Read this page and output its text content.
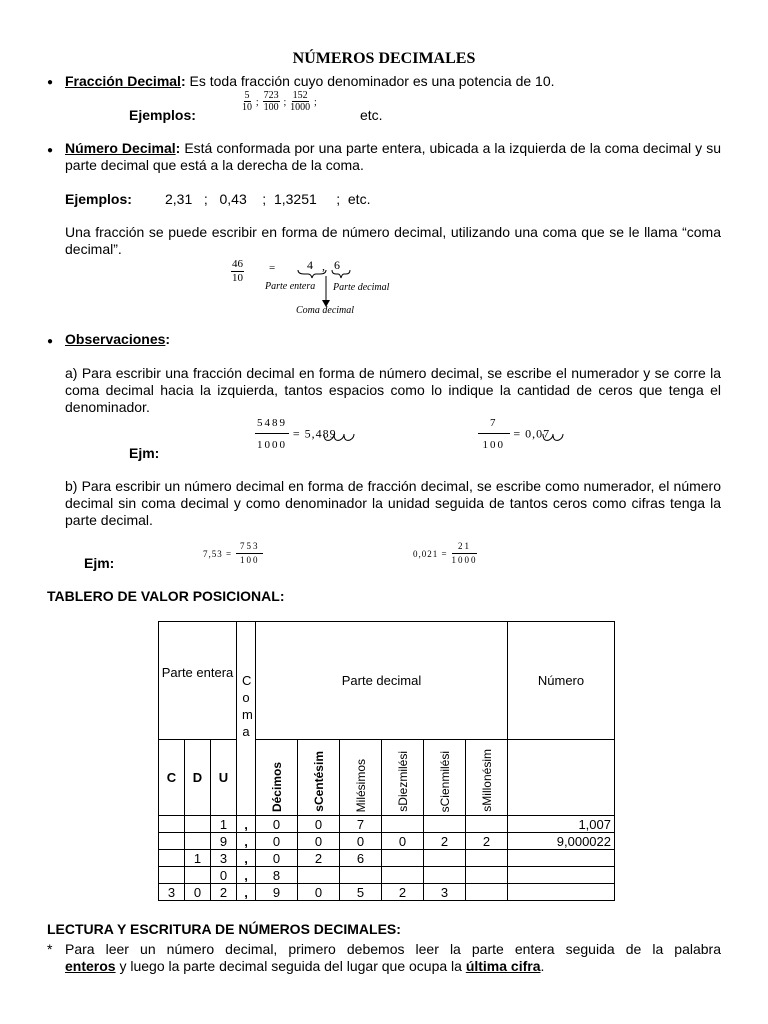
NÚMEROS DECIMALES
● Fracción Decimal: Es toda fracción cuyo denominador es una potencia de 10.
Ejemplos:
$\frac{5}{10}$ ; $\frac{723}{100}$ ; $\frac{152}{1000}$ ;
etc.
● Número Decimal: Está conformada por una parte entera, ubicada a la izquierda de la coma decimal y su parte decimal que está a la derecha de la coma.
Ejemplos: 2,31   ;   0,43    ;  1,3251     ;  etc.
Una fracción se puede escribir en forma de número decimal, utilizando una coma que se le llama “coma decimal”.
$\frac{46}{10}$ =	4 , 6
Parte entera Parte decimal
Coma decimal
● Observaciones:
a) Para escribir una fracción decimal en forma de número decimal, se escribe el numerador y se corre la coma decimal hacia la izquierda, tantos espacios como lo indique la cantidad de ceros que tenga el denominador.
Ejm:	$\frac{5489}{1000} = 5,489$	$\frac{7}{100} = 0,07$
b) Para escribir un número decimal en forma de fracción decimal, se escribe como numerador, el número decimal sin coma decimal y como denominador la unidad seguida de tantos ceros como cifras tenga la parte decimal.
Ejm:
$7,53 = \frac{753}{100}$	$0,021 = \frac{21}{1000}$
TABLERO DE VALOR POSICIONAL:
Parte entera			C o m a	Parte decimal						Número
C	D	U		Décimos	sCentésim	Milésimos	sDiezmilési	sCienmilési	sMillonésim	
		1	,	0	0	7				1,007
		9	,	0	0	0	0	2	2	9,000022
	1	3	,	0	2	6				
		0	,	8						
3	0	2	,	9	0	5	2	3		
LECTURA Y ESCRITURA DE NÚMEROS DECIMALES:
* Para leer un número decimal, primero debemos leer la parte entera seguida de la palabra
enteros y luego la parte decimal seguida del lugar que ocupa la última cifra.
